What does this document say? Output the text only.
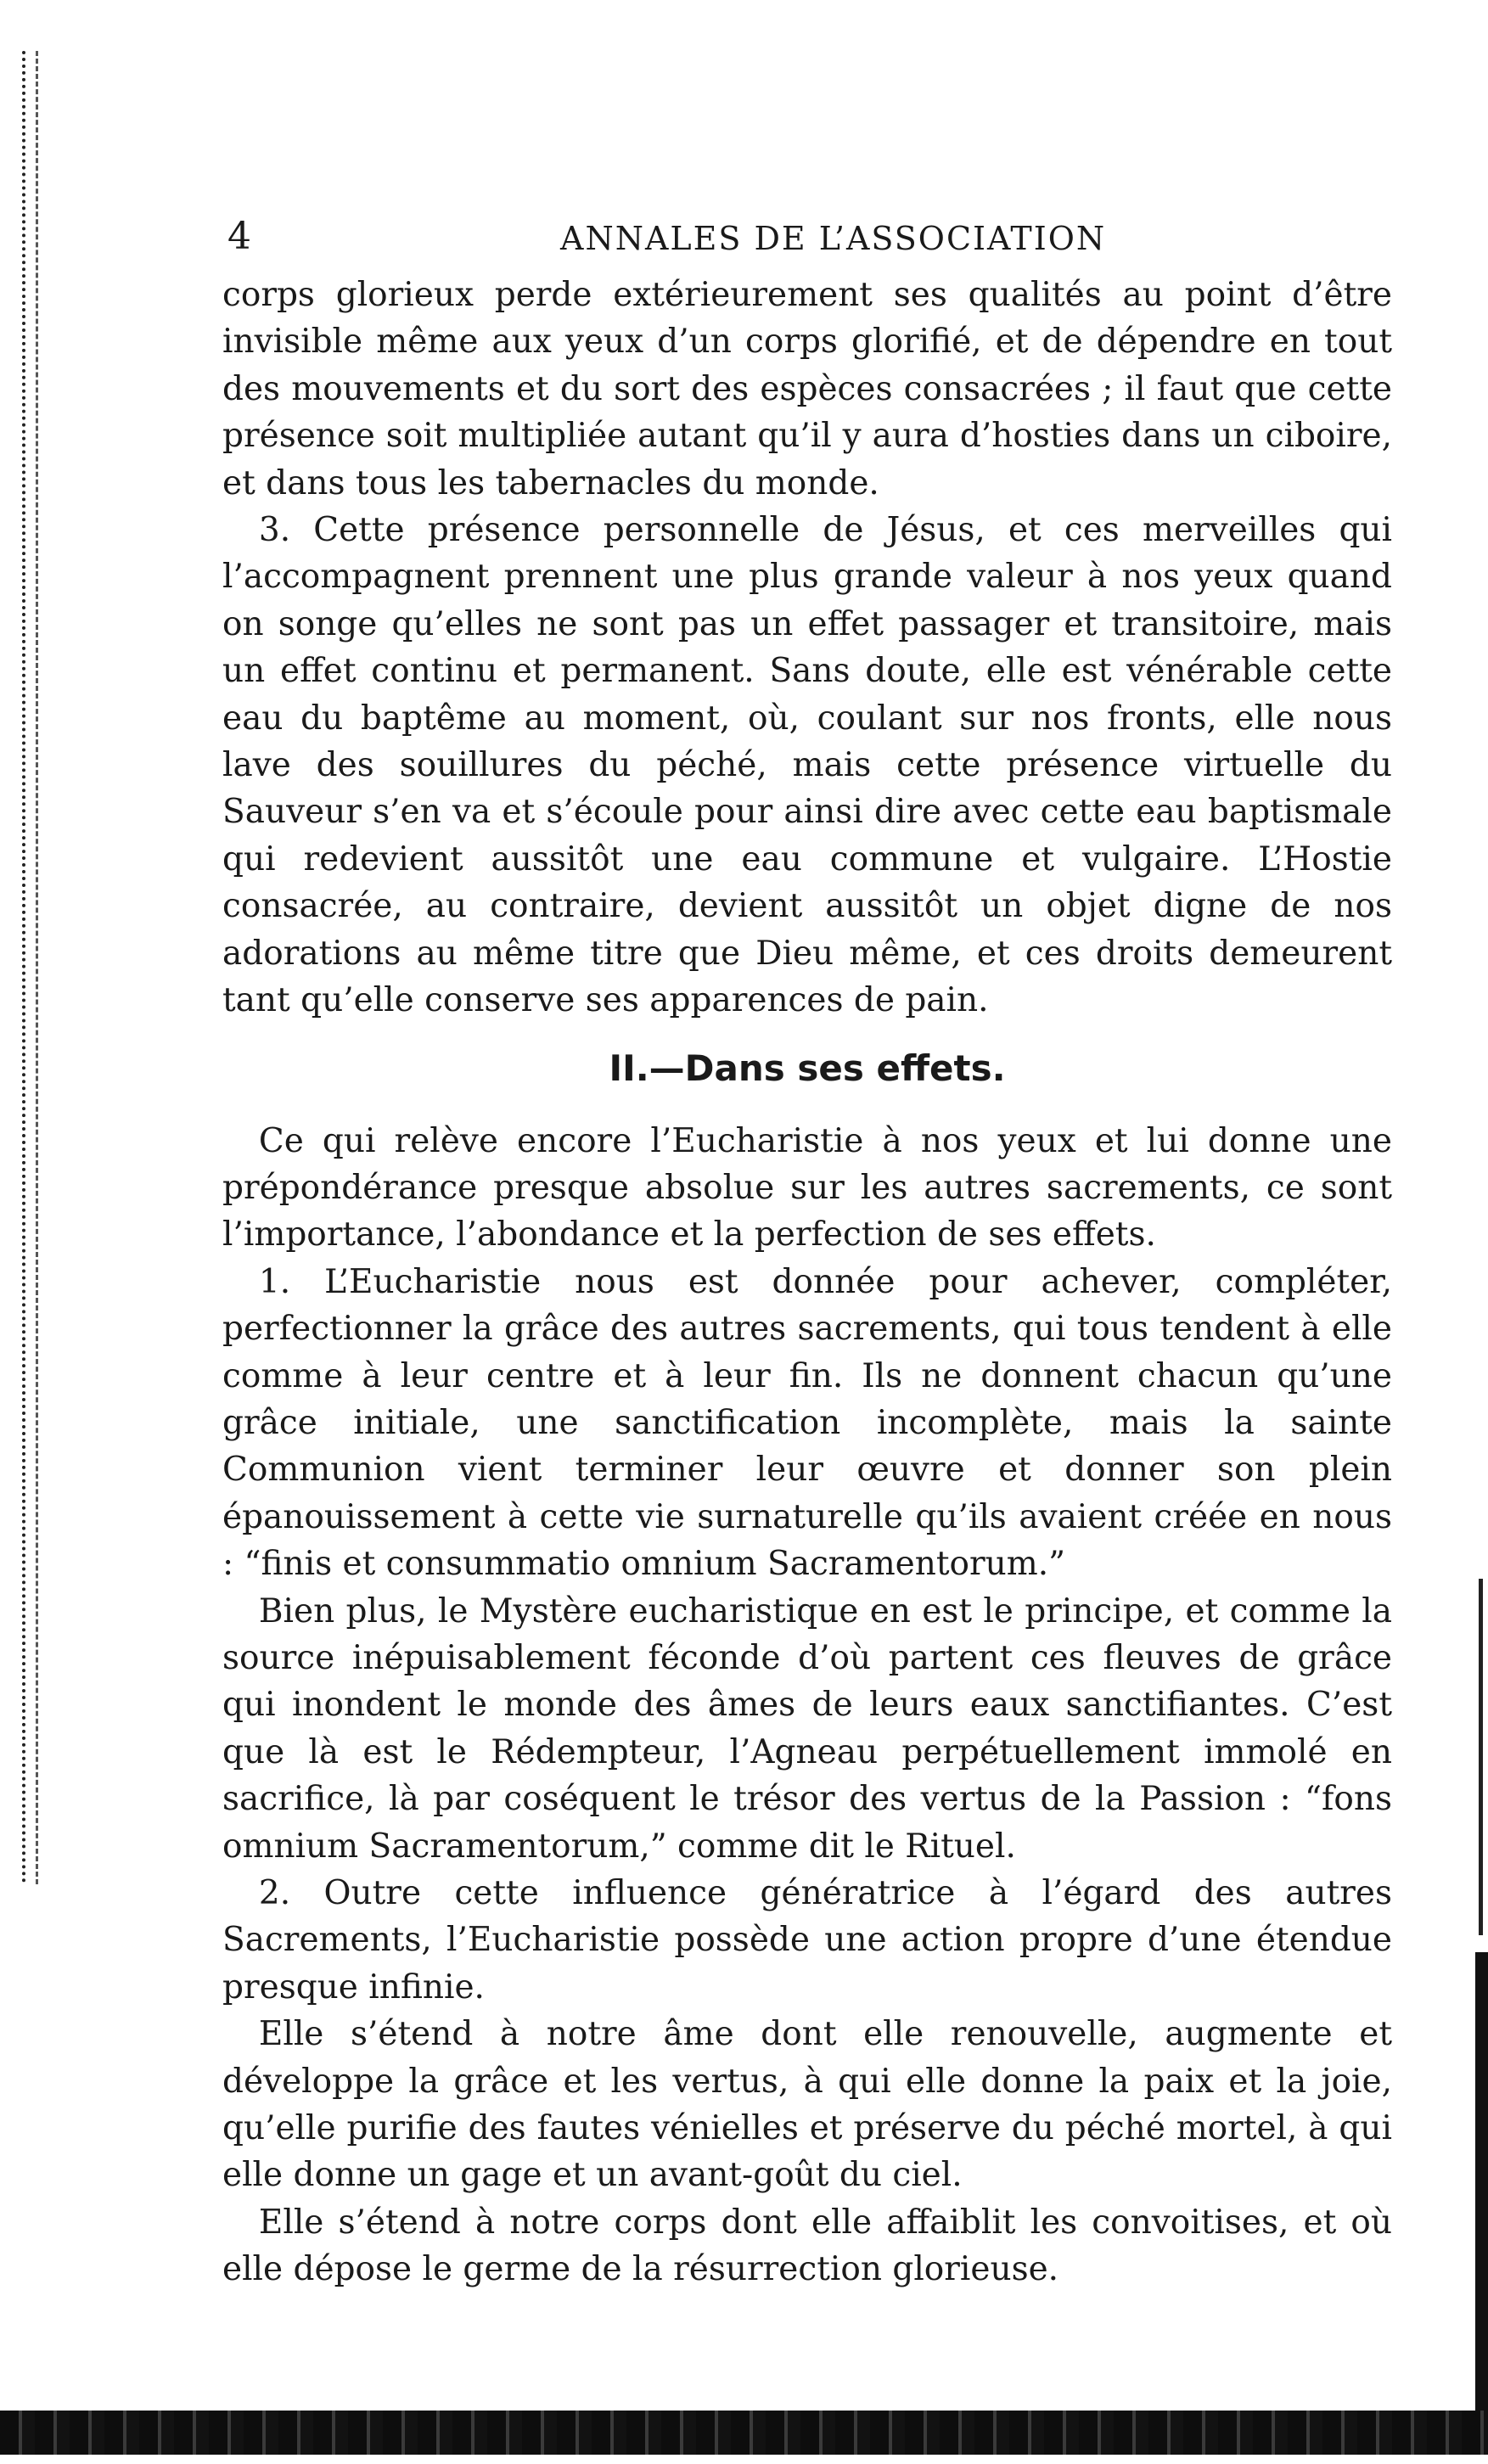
4	ANNALES DE L’ASSOCIATION

corps glorieux perde extérieurement ses qualités au point d’être invisible même aux yeux d’un corps glorifié, et de dépendre en tout des mouvements et du sort des espèces consacrées ; il faut que cette présence soit multipliée autant qu’il y aura d’hosties dans un ciboire, et dans tous les tabernacles du monde.

3. Cette présence personnelle de Jésus, et ces merveilles qui l’accompagnent prennent une plus grande valeur à nos yeux quand on songe qu’elles ne sont pas un effet passager et transitoire, mais un effet continu et permanent. Sans doute, elle est vénérable cette eau du baptême au moment, où, coulant sur nos fronts, elle nous lave des souillures du péché, mais cette présence virtuelle du Sauveur s’en va et s’écoule pour ainsi dire avec cette eau baptismale qui redevient aussitôt une eau commune et vulgaire. L’Hostie consacrée, au contraire, devient aussitôt un objet digne de nos adorations au même titre que Dieu même, et ces droits demeurent tant qu’elle conserve ses apparences de pain.

II.—Dans ses effets.

Ce qui relève encore l’Eucharistie à nos yeux et lui donne une prépondérance presque absolue sur les autres sacrements, ce sont l’importance, l’abondance et la perfection de ses effets.

1. L’Eucharistie nous est donnée pour achever, compléter, perfectionner la grâce des autres sacrements, qui tous tendent à elle comme à leur centre et à leur fin. Ils ne donnent chacun qu’une grâce initiale, une sanctification incomplète, mais la sainte Communion vient terminer leur œuvre et donner son plein épanouissement à cette vie surnaturelle qu’ils avaient créée en nous : “finis et consummatio omnium Sacramentorum.”

Bien plus, le Mystère eucharistique en est le principe, et comme la source inépuisablement féconde d’où partent ces fleuves de grâce qui inondent le monde des âmes de leurs eaux sanctifiantes. C’est que là est le Rédempteur, l’Agneau perpétuellement immolé en sacrifice, là par coséquent le trésor des vertus de la Passion : “fons omnium Sacramentorum,” comme dit le Rituel.

2. Outre cette influence génératrice à l’égard des autres Sacrements, l’Eucharistie possède une action propre d’une étendue presque infinie.

Elle s’étend à notre âme dont elle renouvelle, augmente et développe la grâce et les vertus, à qui elle donne la paix et la joie, qu’elle purifie des fautes vénielles et préserve du péché mortel, à qui elle donne un gage et un avant-goût du ciel.

Elle s’étend à notre corps dont elle affaiblit les convoitises, et où elle dépose le germe de la résurrection glorieuse.
